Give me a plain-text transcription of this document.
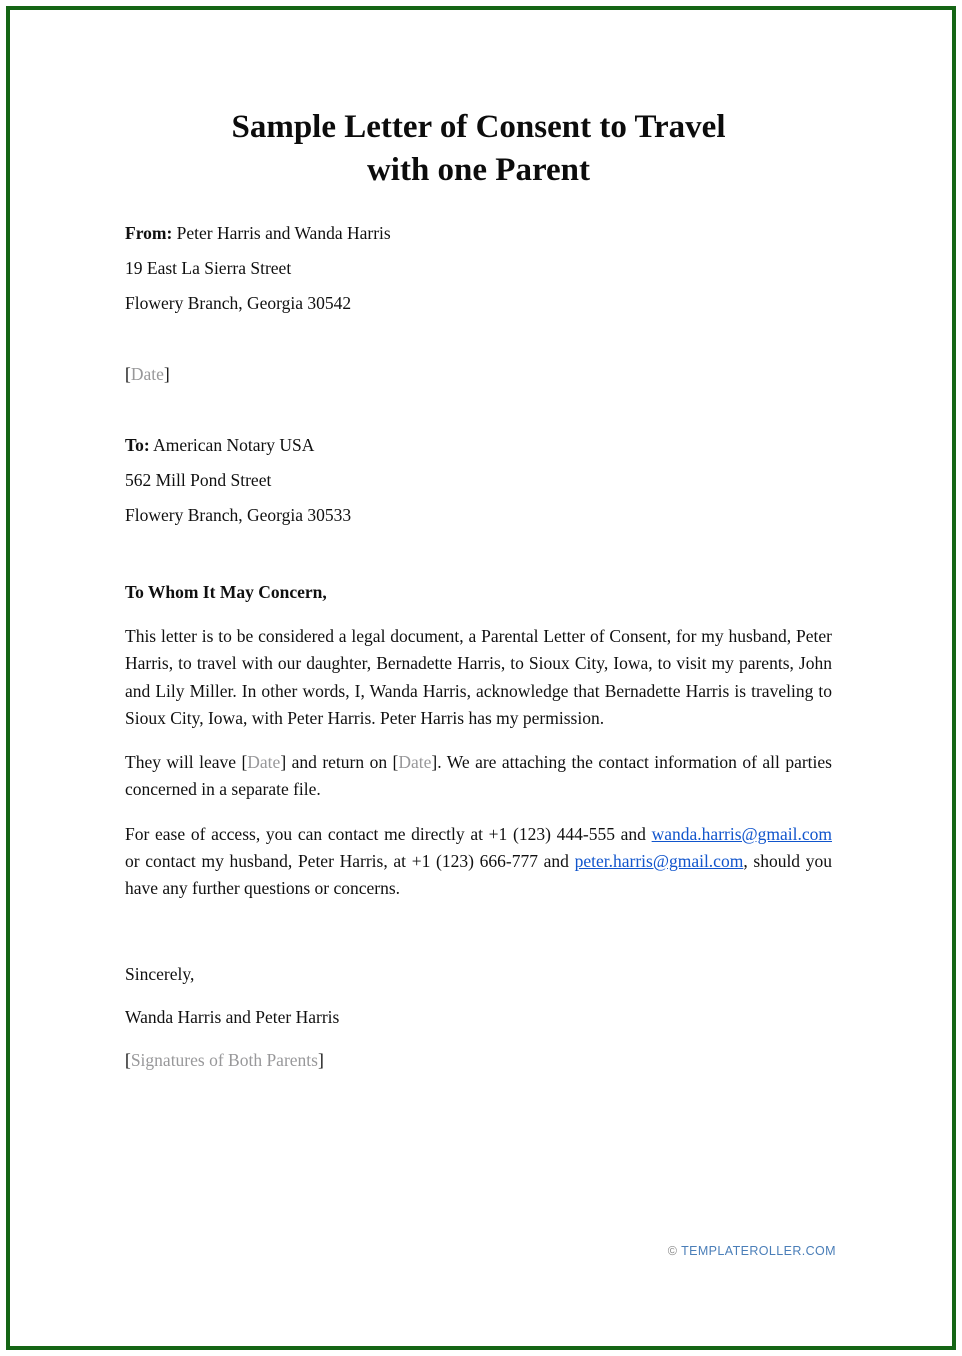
Sample Letter of Consent to Travel
with one Parent

From: Peter Harris and Wanda Harris

19 East La Sierra Street

Flowery Branch, Georgia 30542

[Date]

To: American Notary USA

562 Mill Pond Street

Flowery Branch, Georgia 30533

To Whom It May Concern,

This letter is to be considered a legal document, a Parental Letter of Consent, for my husband, Peter Harris, to travel with our daughter, Bernadette Harris, to Sioux City, Iowa, to visit my parents, John and Lily Miller. In other words, I, Wanda Harris, acknowledge that Bernadette Harris is traveling to Sioux City, Iowa, with Peter Harris. Peter Harris has my permission.

They will leave [Date] and return on [Date]. We are attaching the contact information of all parties concerned in a separate file.

For ease of access, you can contact me directly at +1 (123) 444-555 and wanda.harris@gmail.com or contact my husband, Peter Harris, at +1 (123) 666-777 and peter.harris@gmail.com, should you have any further questions or concerns.

Sincerely,

Wanda Harris and Peter Harris

[Signatures of Both Parents]

© TEMPLATEROLLER.COM
